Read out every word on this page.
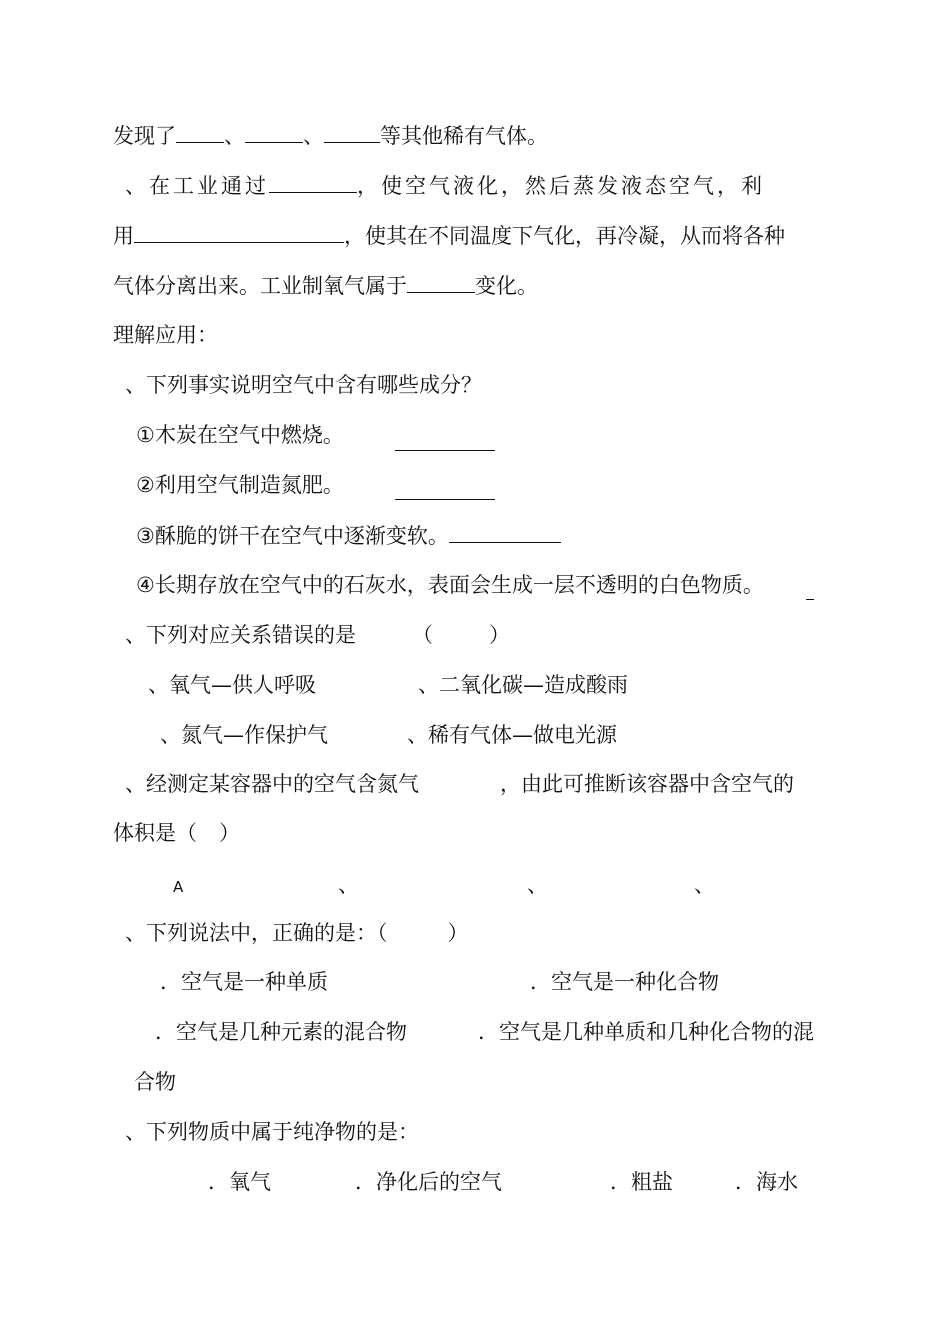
发现了 、	、	等其他稀有气体。
、在工业通过	，使空气液化，然后蒸发液态空气，利
用	，使其在不同温度下气化，再冷凝，从而将各种
气体分离出来。工业制氧气属于	变化。
理解应用：
、下列事实说明空气中含有哪些成分？
①木炭在空气中燃烧。
②利用空气制造氮肥。
③酥脆的饼干在空气中逐渐变软。
④长期存放在空气中的石灰水，表面会生成一层不透明的白色物质。
、下列对应关系错误的是	（	）
、氧气—供人呼吸	、二氧化碳—造成酸雨
、氮气—作保护气	、稀有气体—做电光源
、经测定某容器中的空气含氮气	，由此可推断该容器中含空气的
体积是（ ）
A	、	、	、
、下列说法中，正确的是：（	）
．空气是一种单质	．空气是一种化合物
．空气是几种元素的混合物	．空气是几种单质和几种化合物的混
合物
、下列物质中属于纯净物的是：
．氧气	．净化后的空气	．粗盐	．海水
